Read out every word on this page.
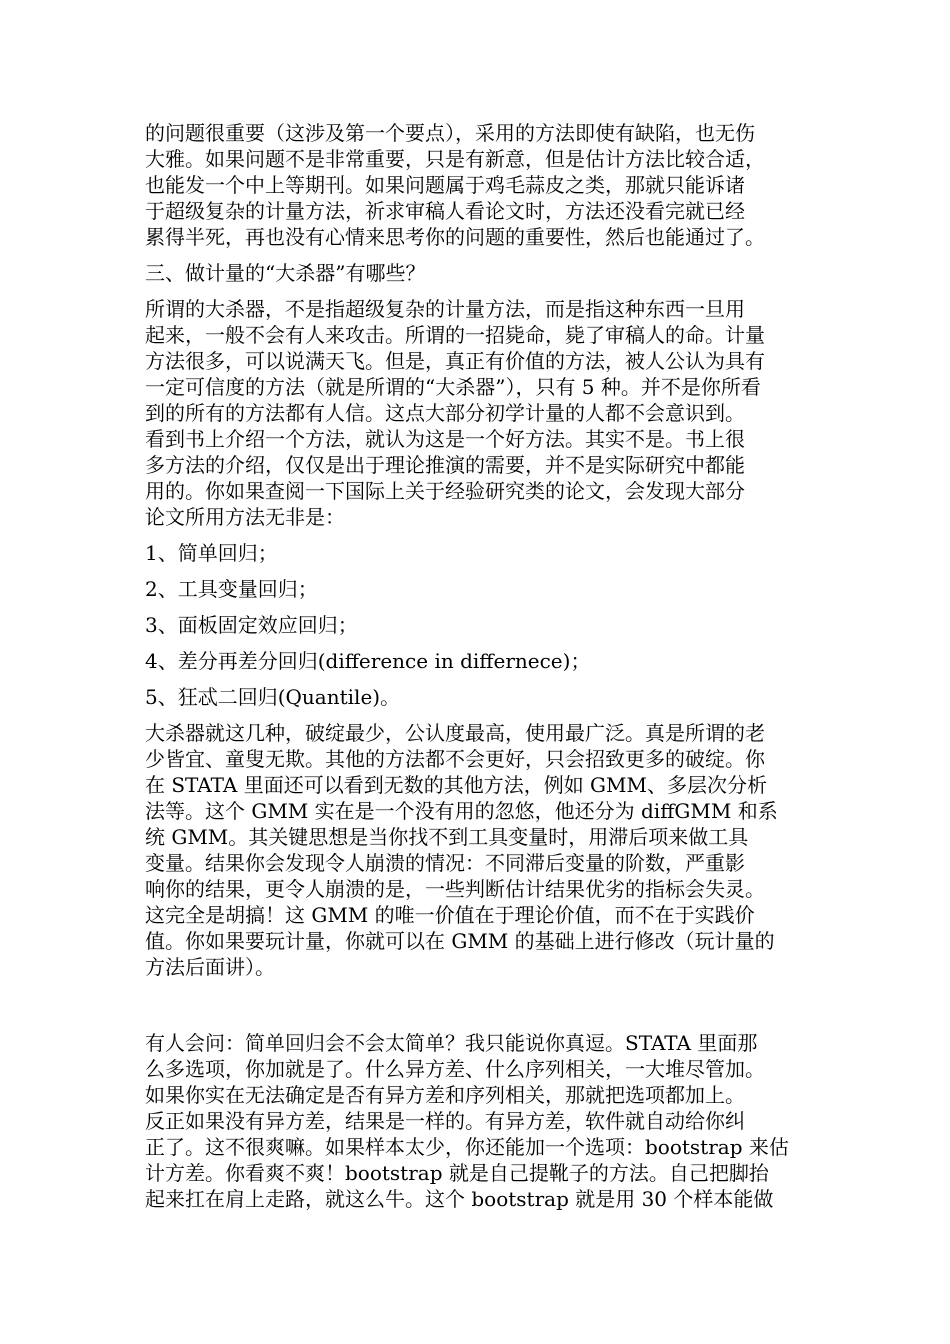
的问题很重要（这涉及第一个要点），采用的方法即使有缺陷，也无伤
大雅。如果问题不是非常重要，只是有新意，但是估计方法比较合适，
也能发一个中上等期刊。如果问题属于鸡毛蒜皮之类，那就只能诉诸
于超级复杂的计量方法，祈求审稿人看论文时，方法还没看完就已经
累得半死，再也没有心情来思考你的问题的重要性，然后也能通过了。

三、做计量的“大杀器”有哪些？

所谓的大杀器，不是指超级复杂的计量方法，而是指这种东西一旦用
起来，一般不会有人来攻击。所谓的一招毙命，毙了审稿人的命。计量
方法很多，可以说满天飞。但是，真正有价值的方法，被人公认为具有
一定可信度的方法（就是所谓的“大杀器”），只有 5 种。并不是你所看
到的所有的方法都有人信。这点大部分初学计量的人都不会意识到。
看到书上介绍一个方法，就认为这是一个好方法。其实不是。书上很
多方法的介绍，仅仅是出于理论推演的需要，并不是实际研究中都能
用的。你如果查阅一下国际上关于经验研究类的论文，会发现大部分
论文所用方法无非是：

1、简单回归；

2、工具变量回归；

3、面板固定效应回归；

4、差分再差分回归(difference in differnece)；

5、狂忒二回归(Quantile)。

大杀器就这几种，破绽最少，公认度最高，使用最广泛。真是所谓的老
少皆宜、童叟无欺。其他的方法都不会更好，只会招致更多的破绽。你
在 STATA 里面还可以看到无数的其他方法，例如 GMM、多层次分析
法等。这个 GMM 实在是一个没有用的忽悠，他还分为 diffGMM 和系
统 GMM。其关键思想是当你找不到工具变量时，用滞后项来做工具
变量。结果你会发现令人崩溃的情况：不同滞后变量的阶数，严重影
响你的结果，更令人崩溃的是，一些判断估计结果优劣的指标会失灵。
这完全是胡搞！这 GMM 的唯一价值在于理论价值，而不在于实践价
值。你如果要玩计量，你就可以在 GMM 的基础上进行修改（玩计量的
方法后面讲）。

有人会问：简单回归会不会太简单？我只能说你真逗。STATA 里面那
么多选项，你加就是了。什么异方差、什么序列相关，一大堆尽管加。
如果你实在无法确定是否有异方差和序列相关，那就把选项都加上。
反正如果没有异方差，结果是一样的。有异方差，软件就自动给你纠
正了。这不很爽嘛。如果样本太少，你还能加一个选项：bootstrap 来估
计方差。你看爽不爽！bootstrap 就是自己提靴子的方法。自己把脚抬
起来扛在肩上走路，就这么牛。这个 bootstrap 就是用 30 个样本能做
